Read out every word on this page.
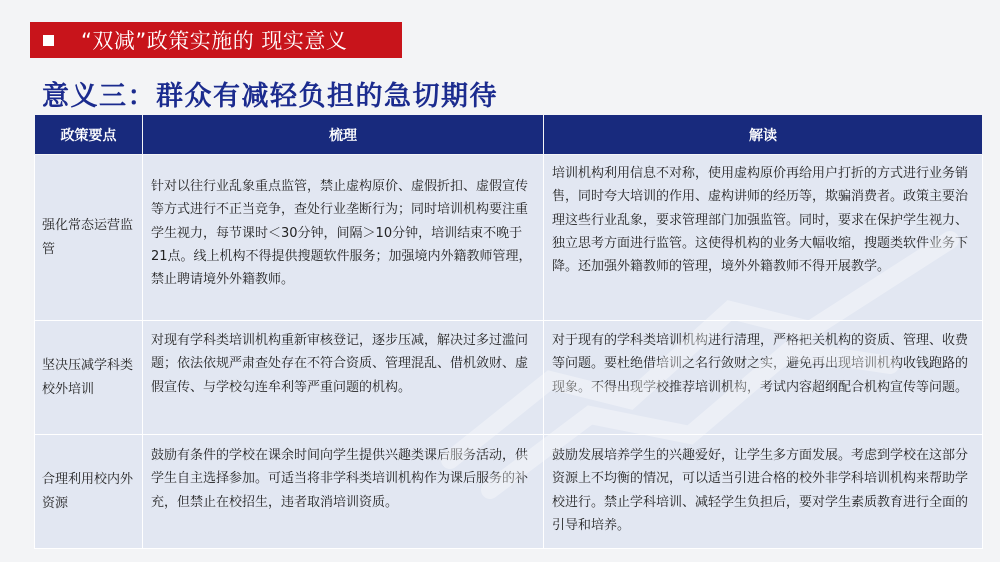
“双减”政策实施的 现实意义
意义三：群众有减轻负担的急切期待
政策要点	梳理	解读

强化常态运营监管	针对以往行业乱象重点监管，禁止虚构原价、虚假折扣、虚假宣传等方式进行不正当竞争，查处行业垄断行为；同时培训机构要注重学生视力，每节课时＜30分钟，间隔＞10分钟，培训结束不晚于21点。线上机构不得提供搜题软件服务；加强境内外籍教师管理，禁止聘请境外外籍教师。	培训机构利用信息不对称，使用虚构原价再给用户打折的方式进行业务销售，同时夸大培训的作用、虚构讲师的经历等，欺骗消费者。政策主要治理这些行业乱象，要求管理部门加强监管。同时，要求在保护学生视力、独立思考方面进行监管。这使得机构的业务大幅收缩，搜题类软件业务下降。还加强外籍教师的管理，境外外籍教师不得开展教学。

坚决压减学科类校外培训	对现有学科类培训机构重新审核登记，逐步压减，解决过多过滥问题；依法依规严肃查处存在不符合资质、管理混乱、借机敛财、虚假宣传、与学校勾连牟利等严重问题的机构。	对于现有的学科类培训机构进行清理，严格把关机构的资质、管理、收费等问题。要杜绝借培训之名行敛财之实，避免再出现培训机构收钱跑路的现象。不得出现学校推荐培训机构，考试内容超纲配合机构宣传等问题。

合理利用校内外资源	鼓励有条件的学校在课余时间向学生提供兴趣类课后服务活动，供学生自主选择参加。可适当将非学科类培训机构作为课后服务的补充，但禁止在校招生，违者取消培训资质。	鼓励发展培养学生的兴趣爱好，让学生多方面发展。考虑到学校在这部分资源上不均衡的情况，可以适当引进合格的校外非学科培训机构来帮助学校进行。禁止学科培训、减轻学生负担后，要对学生素质教育进行全面的引导和培养。
